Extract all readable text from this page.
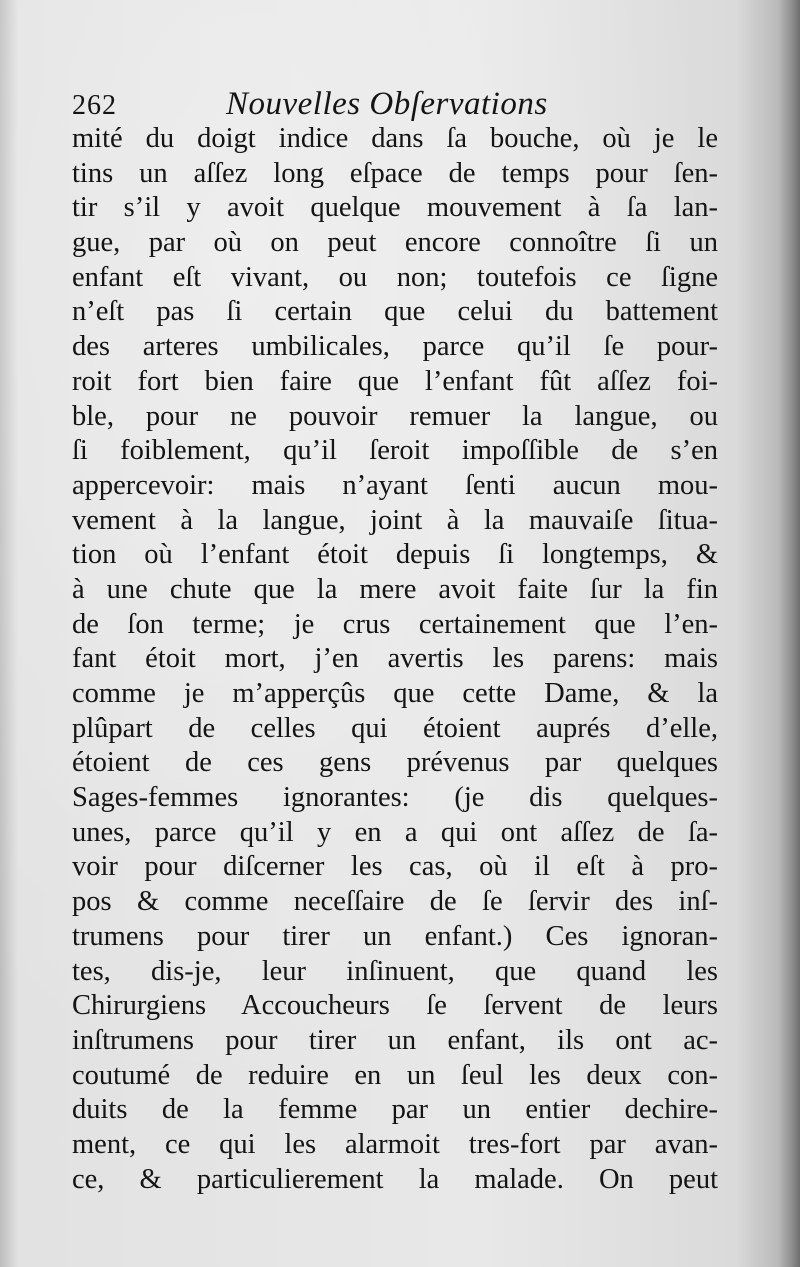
262	Nouvelles Obſervations
mité du doigt indice dans ſa bouche, où je le
tins un aſſez long eſpace de temps pour ſen-
tir s’il y avoit quelque mouvement à ſa lan-
gue, par où on peut encore connoître ſi un
enfant eſt vivant, ou non; toutefois ce ſigne
n’eſt pas ſi certain que celui du battement
des arteres umbilicales, parce qu’il ſe pour-
roit fort bien faire que l’enfant fût aſſez foi-
ble, pour ne pouvoir remuer la langue, ou
ſi foiblement, qu’il ſeroit impoſſible de s’en
appercevoir: mais n’ayant ſenti aucun mou-
vement à la langue, joint à la mauvaiſe ſitua-
tion où l’enfant étoit depuis ſi longtemps, &
à une chute que la mere avoit faite ſur la fin
de ſon terme; je crus certainement que l’en-
fant étoit mort, j’en avertis les parens: mais
comme je m’apperçûs que cette Dame, & la
plûpart de celles qui étoient auprés d’elle,
étoient de ces gens prévenus par quelques
Sages-femmes ignorantes: (je dis quelques-
unes, parce qu’il y en a qui ont aſſez de ſa-
voir pour diſcerner les cas, où il eſt à pro-
pos & comme neceſſaire de ſe ſervir des inſ-
trumens pour tirer un enfant.) Ces ignoran-
tes, dis-je, leur inſinuent, que quand les
Chirurgiens Accoucheurs ſe ſervent de leurs
inſtrumens pour tirer un enfant, ils ont ac-
coutumé de reduire en un ſeul les deux con-
duits de la femme par un entier dechire-
ment, ce qui les alarmoit tres-fort par avan-
ce, & particulierement la malade. On peut
